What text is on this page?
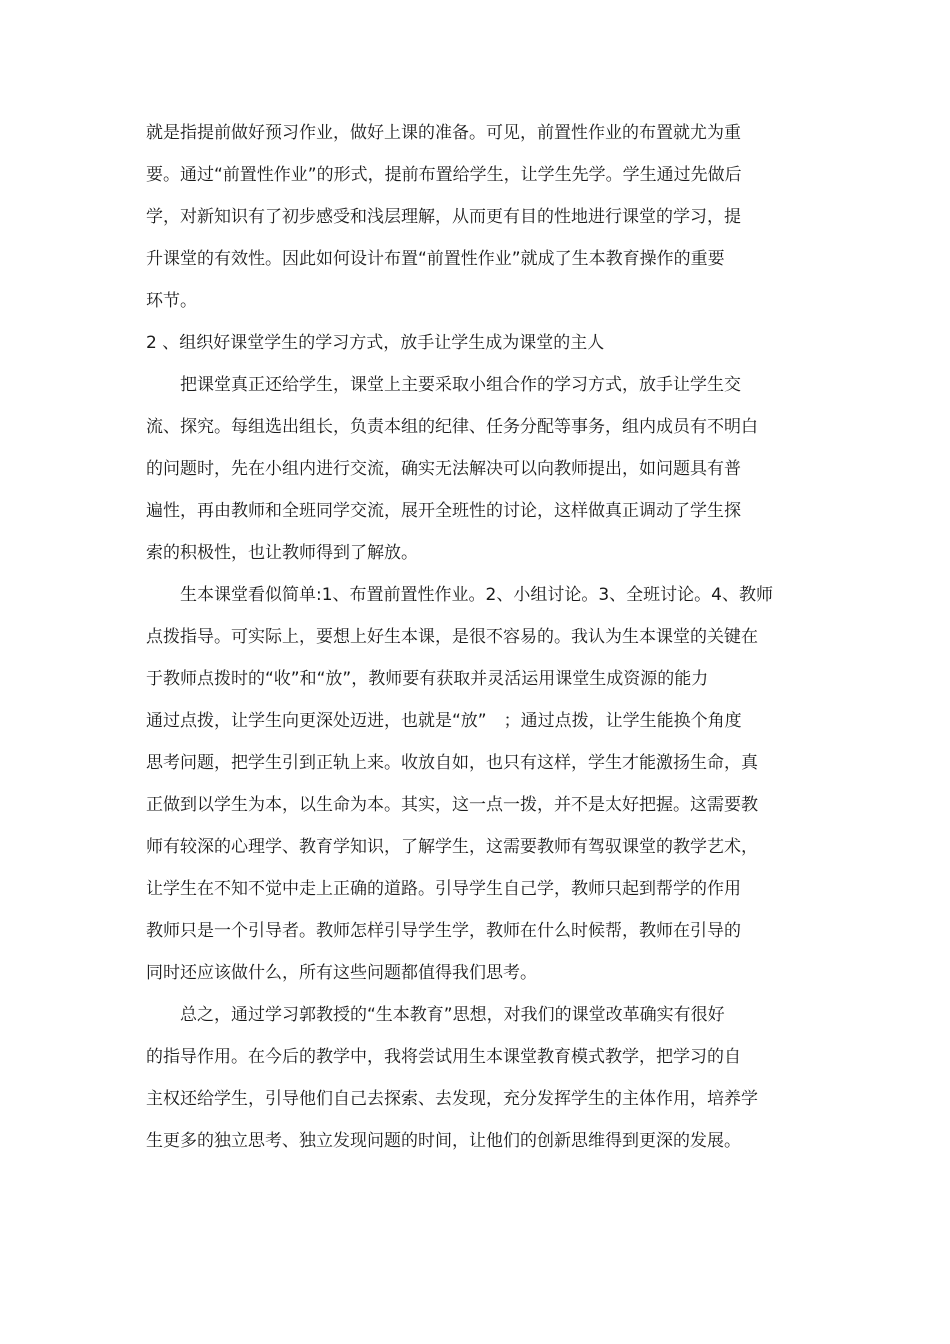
就是指提前做好预习作业，做好上课的准备。可见，前置性作业的布置就尤为重
要。通过“前置性作业”的形式，提前布置给学生，让学生先学。学生通过先做后
学，对新知识有了初步感受和浅层理解，从而更有目的性地进行课堂的学习，提
升课堂的有效性。因此如何设计布置“前置性作业”就成了生本教育操作的重要
环节。
2 、组织好课堂学生的学习方式，放手让学生成为课堂的主人
把课堂真正还给学生，课堂上主要采取小组合作的学习方式，放手让学生交
流、探究。每组选出组长，负责本组的纪律、任务分配等事务，组内成员有不明白
的问题时，先在小组内进行交流，确实无法解决可以向教师提出，如问题具有普
遍性，再由教师和全班同学交流，展开全班性的讨论，这样做真正调动了学生探
索的积极性，也让教师得到了解放。
生本课堂看似简单:1、布置前置性作业。2、小组讨论。3、全班讨论。4、教师
点拨指导。可实际上，要想上好生本课，是很不容易的。我认为生本课堂的关键在
于教师点拨时的“收”和“放”，教师要有获取并灵活运用课堂生成资源的能力
通过点拨，让学生向更深处迈进，也就是“放”　；通过点拨，让学生能换个角度
思考问题，把学生引到正轨上来。收放自如，也只有这样，学生才能激扬生命，真
正做到以学生为本，以生命为本。其实，这一点一拨，并不是太好把握。这需要教
师有较深的心理学、教育学知识，了解学生，这需要教师有驾驭课堂的教学艺术，
让学生在不知不觉中走上正确的道路。引导学生自己学，教师只起到帮学的作用
教师只是一个引导者。教师怎样引导学生学，教师在什么时候帮，教师在引导的
同时还应该做什么，所有这些问题都值得我们思考。
总之，通过学习郭教授的“生本教育”思想，对我们的课堂改革确实有很好
的指导作用。在今后的教学中，我将尝试用生本课堂教育模式教学，把学习的自
主权还给学生，引导他们自己去探索、去发现，充分发挥学生的主体作用，培养学
生更多的独立思考、独立发现问题的时间，让他们的创新思维得到更深的发展。
